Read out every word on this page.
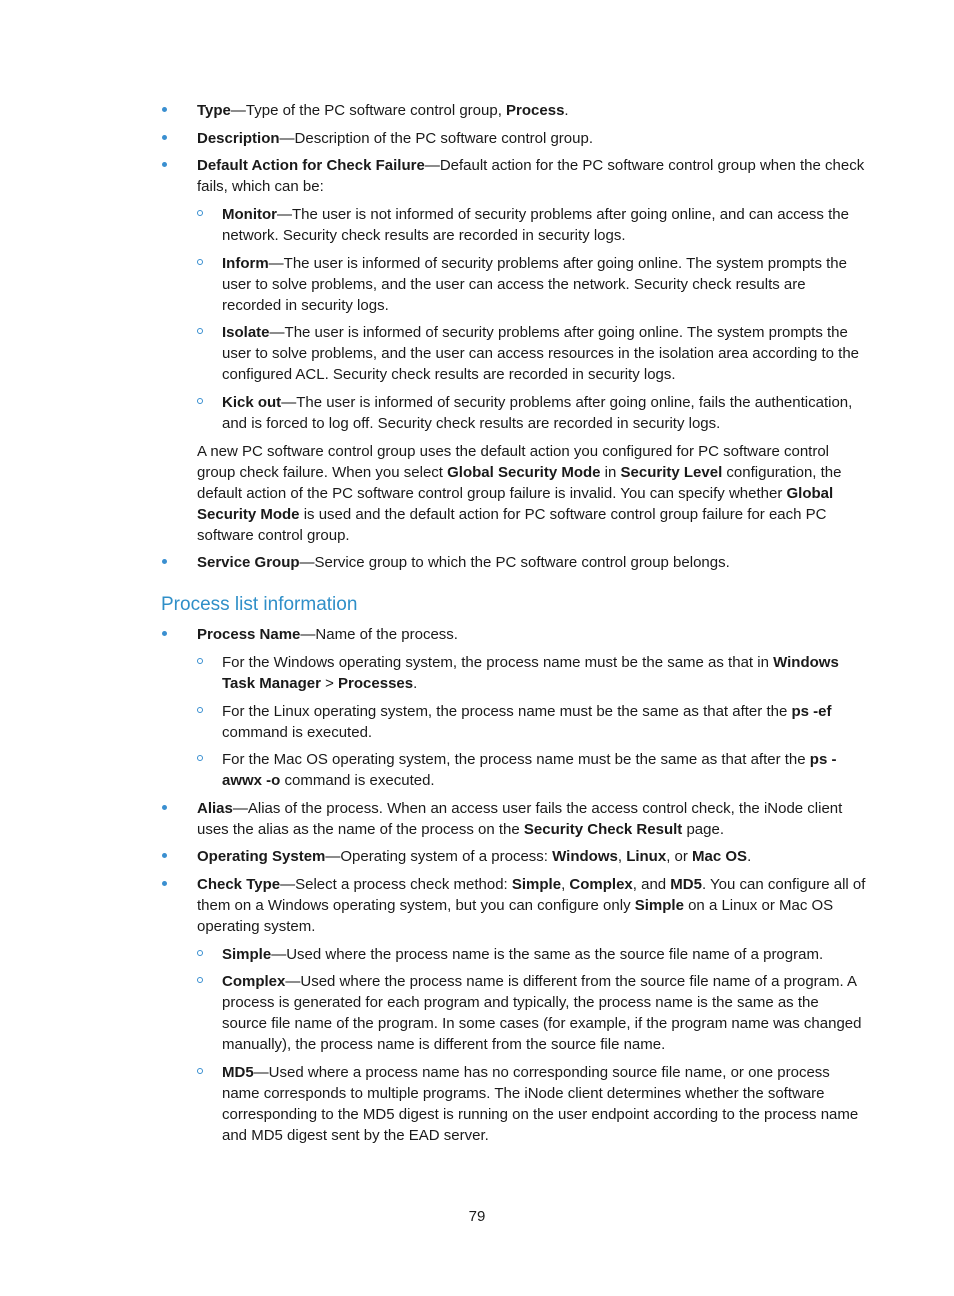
Type—Type of the PC software control group, Process.
Description—Description of the PC software control group.
Default Action for Check Failure—Default action for the PC software control group when the check fails, which can be:
Monitor—The user is not informed of security problems after going online, and can access the network. Security check results are recorded in security logs.
Inform—The user is informed of security problems after going online. The system prompts the user to solve problems, and the user can access the network. Security check results are recorded in security logs.
Isolate—The user is informed of security problems after going online. The system prompts the user to solve problems, and the user can access resources in the isolation area according to the configured ACL. Security check results are recorded in security logs.
Kick out—The user is informed of security problems after going online, fails the authentication, and is forced to log off. Security check results are recorded in security logs.
A new PC software control group uses the default action you configured for PC software control group check failure. When you select Global Security Mode in Security Level configuration, the default action of the PC software control group failure is invalid. You can specify whether Global Security Mode is used and the default action for PC software control group failure for each PC software control group.
Service Group—Service group to which the PC software control group belongs.
Process list information
Process Name—Name of the process.
For the Windows operating system, the process name must be the same as that in Windows Task Manager > Processes.
For the Linux operating system, the process name must be the same as that after the ps -ef command is executed.
For the Mac OS operating system, the process name must be the same as that after the ps -awwx -o command is executed.
Alias—Alias of the process. When an access user fails the access control check, the iNode client uses the alias as the name of the process on the Security Check Result page.
Operating System—Operating system of a process: Windows, Linux, or Mac OS.
Check Type—Select a process check method: Simple, Complex, and MD5. You can configure all of them on a Windows operating system, but you can configure only Simple on a Linux or Mac OS operating system.
Simple—Used where the process name is the same as the source file name of a program.
Complex—Used where the process name is different from the source file name of a program. A process is generated for each program and typically, the process name is the same as the source file name of the program. In some cases (for example, if the program name was changed manually), the process name is different from the source file name.
MD5—Used where a process name has no corresponding source file name, or one process name corresponds to multiple programs. The iNode client determines whether the software corresponding to the MD5 digest is running on the user endpoint according to the process name and MD5 digest sent by the EAD server.
79
